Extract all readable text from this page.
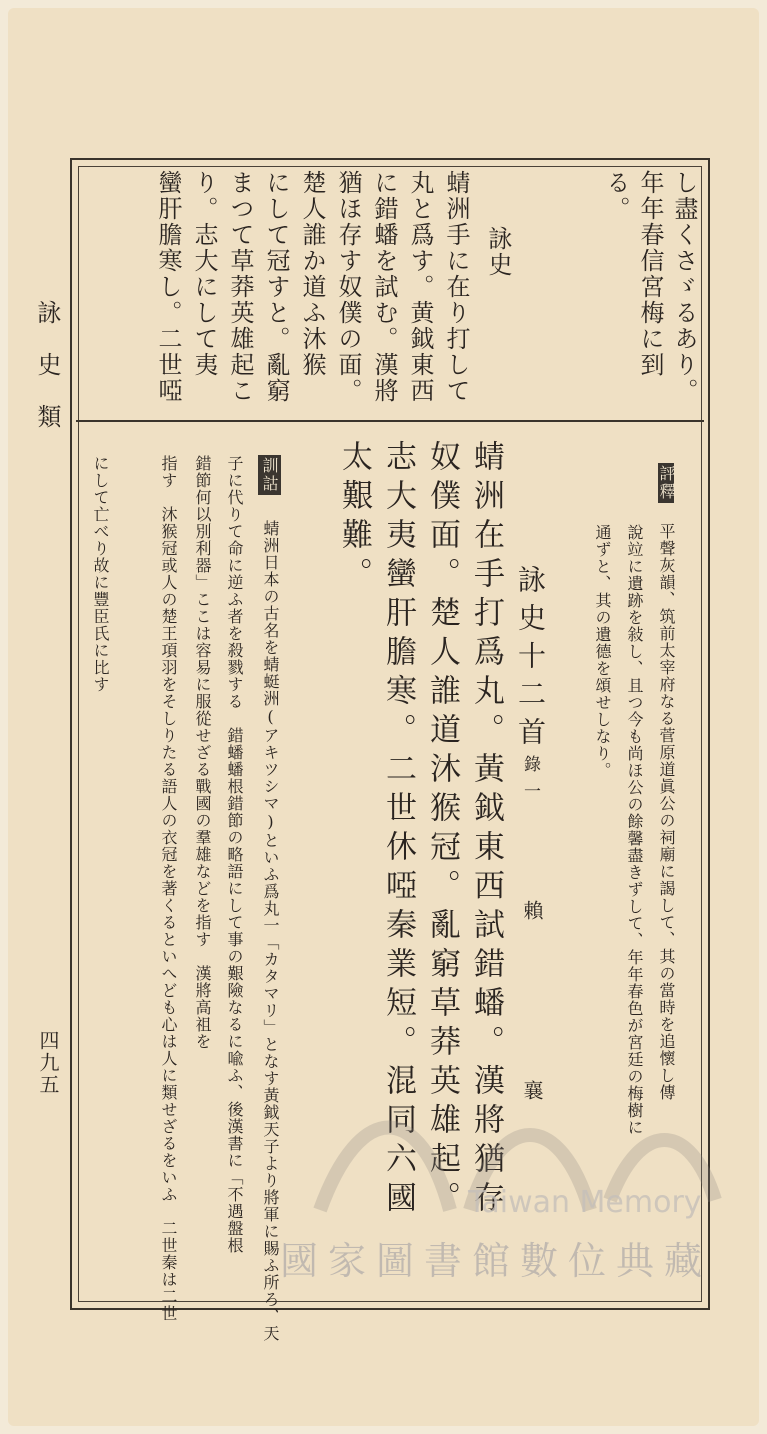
詠史類
四九五
し盡くさゞるあり。
年年春信宮梅に到
る。
詠史
蜻洲手に在り打して
丸と爲す。黄鉞東西
に錯蟠を試む。漢將
猶ほ存す奴僕の面。
楚人誰か道ふ沐猴
にして冠すと。亂窮
まつて草莽英雄起こ
り。志大にして夷
蠻肝膽寒し。二世啞
評釋 平聲灰韻、筑前太宰府なる菅原道眞公の祠廟に謁して、其の當時を追懷し傳
說竝に遺跡を敍し、且つ今も尚ほ公の餘馨盡きずして、年年春色が宮廷の梅樹に
通ずと、其の遺德を頌せしなり。
詠史十二首錄一
賴
襄
蜻洲在手打爲丸。黃鉞東西試錯蟠。漢將猶存
奴僕面。楚人誰道沐猴冠。亂窮草莽英雄起。
志大夷蠻肝膽寒。二世休啞秦業短。混同六國
太艱難。
訓詁
蜻洲日本の古名を蜻蜓洲(アキツシマ)といふ爲丸一「カタマリ」となす黃鉞天子より將軍に賜ふ所ろ、天
子に代りて命に逆ふ者を殺戮する　錯蟠蟠根錯節の略語にして事の艱險なるに喩ふ、後漢書に「不遇盤根
錯節何以別利器」ここは容易に服從せざる戰國の羣雄などを指す　漢將高祖を
指す　沐猴冠或人の楚王項羽をそしりたる語人の衣冠を著くるといへども心は人に類せざるをいふ　二世秦は二世
にして亡べり故に豐臣氏に比す
Taiwan Memory
國家圖書館數位典藏
